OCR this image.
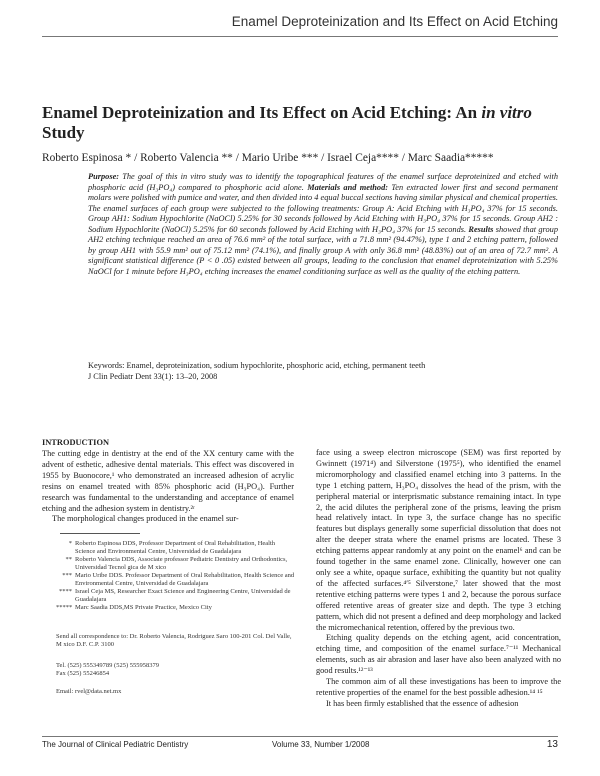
Enamel Deproteinization and Its Effect on Acid Etching
Enamel Deproteinization and Its Effect on Acid Etching: An in vitro Study
Roberto Espinosa * / Roberto Valencia ** / Mario Uribe *** / Israel Ceja**** / Marc Saadia*****

Purpose: The goal of this in vitro study was to identify the topographical features of the enamel surface deproteinized and etched with phosphoric acid (H₃PO₄) compared to phosphoric acid alone. Materials and method: Ten extracted lower first and second permanent molars were polished with pumice and water, and then divided into 4 equal buccal sections having similar physical and chemical properties. The enamel surfaces of each group were subjected to the following treatments: Group A: Acid Etching with H₃PO₄ 37% for 15 seconds. Group AH1: Sodium Hypochlorite (NaOCl) 5.25% for 30 seconds followed by Acid Etching with H₃PO₄ 37% for 15 seconds. Group AH2 : Sodium Hypochlorite (NaOCl) 5.25% for 60 seconds followed by Acid Etching with H₃PO₄ 37% for 15 seconds. Results showed that group AH2 etching technique reached an area of 76.6 mm² of the total surface, with a 71.8 mm² (94.47%), type 1 and 2 etching pattern, followed by group AH1 with 55.9 mm² out of 75.12 mm² (74.1%), and finally group A with only 36.8 mm² (48.83%) out of an area of 72.7 mm². A significant statistical difference (P < 0 .05) existed between all groups, leading to the conclusion that enamel deproteinization with 5.25% NaOCl for 1 minute before H₃PO₄ etching increases the enamel conditioning surface as well as the quality of the etching pattern.

Keywords: Enamel, deproteinization, sodium hypochlorite, phosphoric acid, etching, permanent teeth

J Clin Pediatr Dent 33(1): 13–20, 2008

INTRODUCTION

The cutting edge in dentistry at the end of the XX century came with the advent of esthetic, adhesive dental materials. This effect was discovered in 1955 by Buonocore,¹ who demonstrated an increased adhesion of acrylic resins on enamel treated with 85% phosphoric acid (H₃PO₄). Further research was fundamental to the understanding and acceptance of enamel etching and the adhesion system in dentistry.²ʳ

The morphological changes produced in the enamel sur-

* Roberto Espinosa DDS, Professor Department of Oral Rehabilitation, Health Science and Environmental Centre, Universidad de Guadalajara
** Roberto Valencia DDS, Associate professor Pediatric Dentistry and Orthodontics, Universidad Tecnol gica de M xico
*** Mario Uribe DDS. Professor Department of Oral Rehabilitation, Health Science and Environmental Centre, Universidad de Guadalajara
**** Israel Ceja MS, Researcher Exact Science and Engineering Centre, Universidad de Guadalajara
***** Marc Saadia DDS,MS Private Practice, Mexico City

Send all correspondence to: Dr. Roberto Valencia, Rodriguez Saro 100-201 Col. Del Valle, M xico D.F. C.P. 3100

Tel. (525) 555349789 (525) 555958379

Fax (525) 55246854

Email: rvel@data.net.mx

face using a sweep electron microscope (SEM) was first reported by Gwinnett (1971⁴) and Silverstone (1975⁵), who identified the enamel micromorphology and classified enamel etching into 3 patterns. In the type 1 etching pattern, H₃PO₄ dissolves the head of the prism, with the peripheral material or interprismatic substance remaining intact. In type 2, the acid dilutes the peripheral zone of the prisms, leaving the prism head relatively intact. In type 3, the surface change has no specific features but displays generally some superficial dissolution that does not alter the deeper strata where the enamel prisms are located. These 3 etching patterns appear randomly at any point on the enamel⁶ and can be found together in the same enamel zone. Clinically, however one can only see a white, opaque surface, exhibiting the quantity but not quality of the affected surfaces.⁴ʹ⁵ Silverstone,⁷ later showed that the most retentive etching patterns were types 1 and 2, because the porous surface offered retentive areas of greater size and depth. The type 3 etching pattern, which did not present a defined and deep morphology and lacked the micromechanical retention, offered by the previous two.

Etching quality depends on the etching agent, acid concentration, etching time, and composition of the enamel surface.⁷⁻¹¹ Mechanical elements, such as air abrasion and laser have also been analyzed with no good results.¹²⁻¹³

The common aim of all these investigations has been to improve the retentive properties of the enamel for the best possible adhesion.¹⁴ ¹⁵

It has been firmly established that the essence of adhesion

The Journal of Clinical Pediatric Dentistry	Volume 33, Number 1/2008	13
